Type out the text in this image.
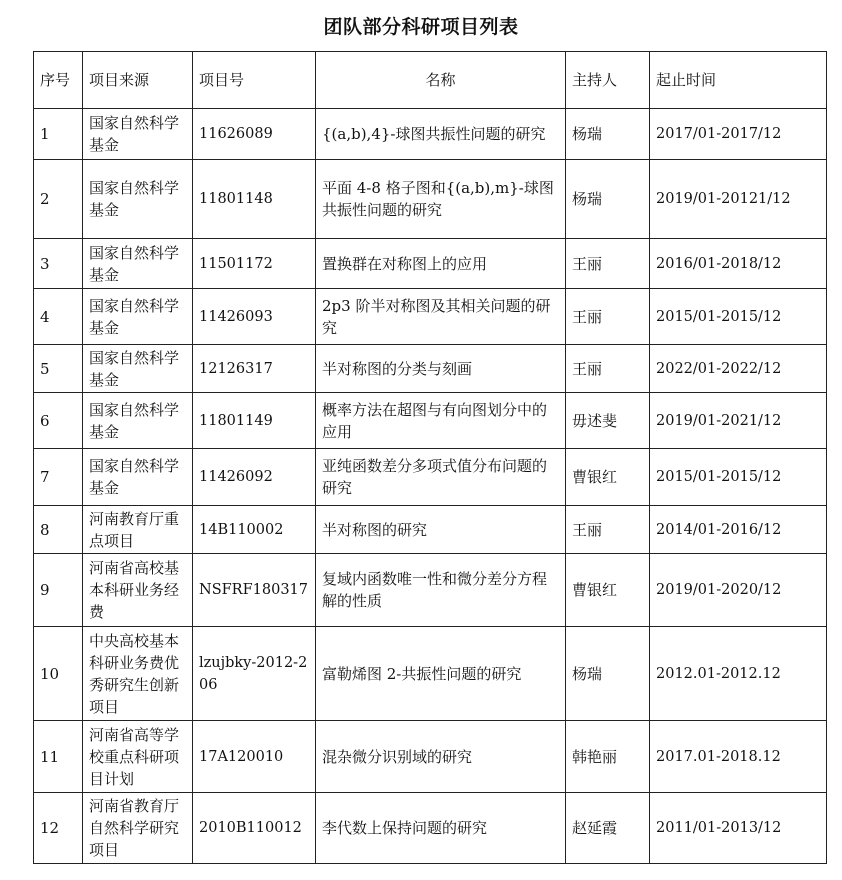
团队部分科研项目列表
序号	项目来源	项目号	名称	主持人	起止时间
1	国家自然科学基金	11626089	{(a,b),4}-球图共振性问题的研究	杨瑞	2017/01-2017/12
2	国家自然科学基金	11801148	平面 4-8 格子图和{(a,b),m}-球图共振性问题的研究	杨瑞	2019/01-20121/12
3	国家自然科学基金	11501172	置换群在对称图上的应用	王丽	2016/01-2018/12
4	国家自然科学基金	11426093	2p3 阶半对称图及其相关问题的研究	王丽	2015/01-2015/12
5	国家自然科学基金	12126317	半对称图的分类与刻画	王丽	2022/01-2022/12
6	国家自然科学基金	11801149	概率方法在超图与有向图划分中的应用	毋述斐	2019/01-2021/12
7	国家自然科学基金	11426092	亚纯函数差分多项式值分布问题的研究	曹银红	2015/01-2015/12
8	河南教育厅重点项目	14B110002	半对称图的研究	王丽	2014/01-2016/12
9	河南省高校基本科研业务经费	NSFRF180317	复域内函数唯一性和微分差分方程解的性质	曹银红	2019/01-2020/12
10	中央高校基本科研业务费优秀研究生创新项目	lzujbky-2012-206	富勒烯图 2-共振性问题的研究	杨瑞	2012.01-2012.12
11	河南省高等学校重点科研项目计划	17A120010	混杂微分识别域的研究	韩艳丽	2017.01-2018.12
12	河南省教育厅自然科学研究项目	2010B110012	李代数上保持问题的研究	赵延霞	2011/01-2013/12
